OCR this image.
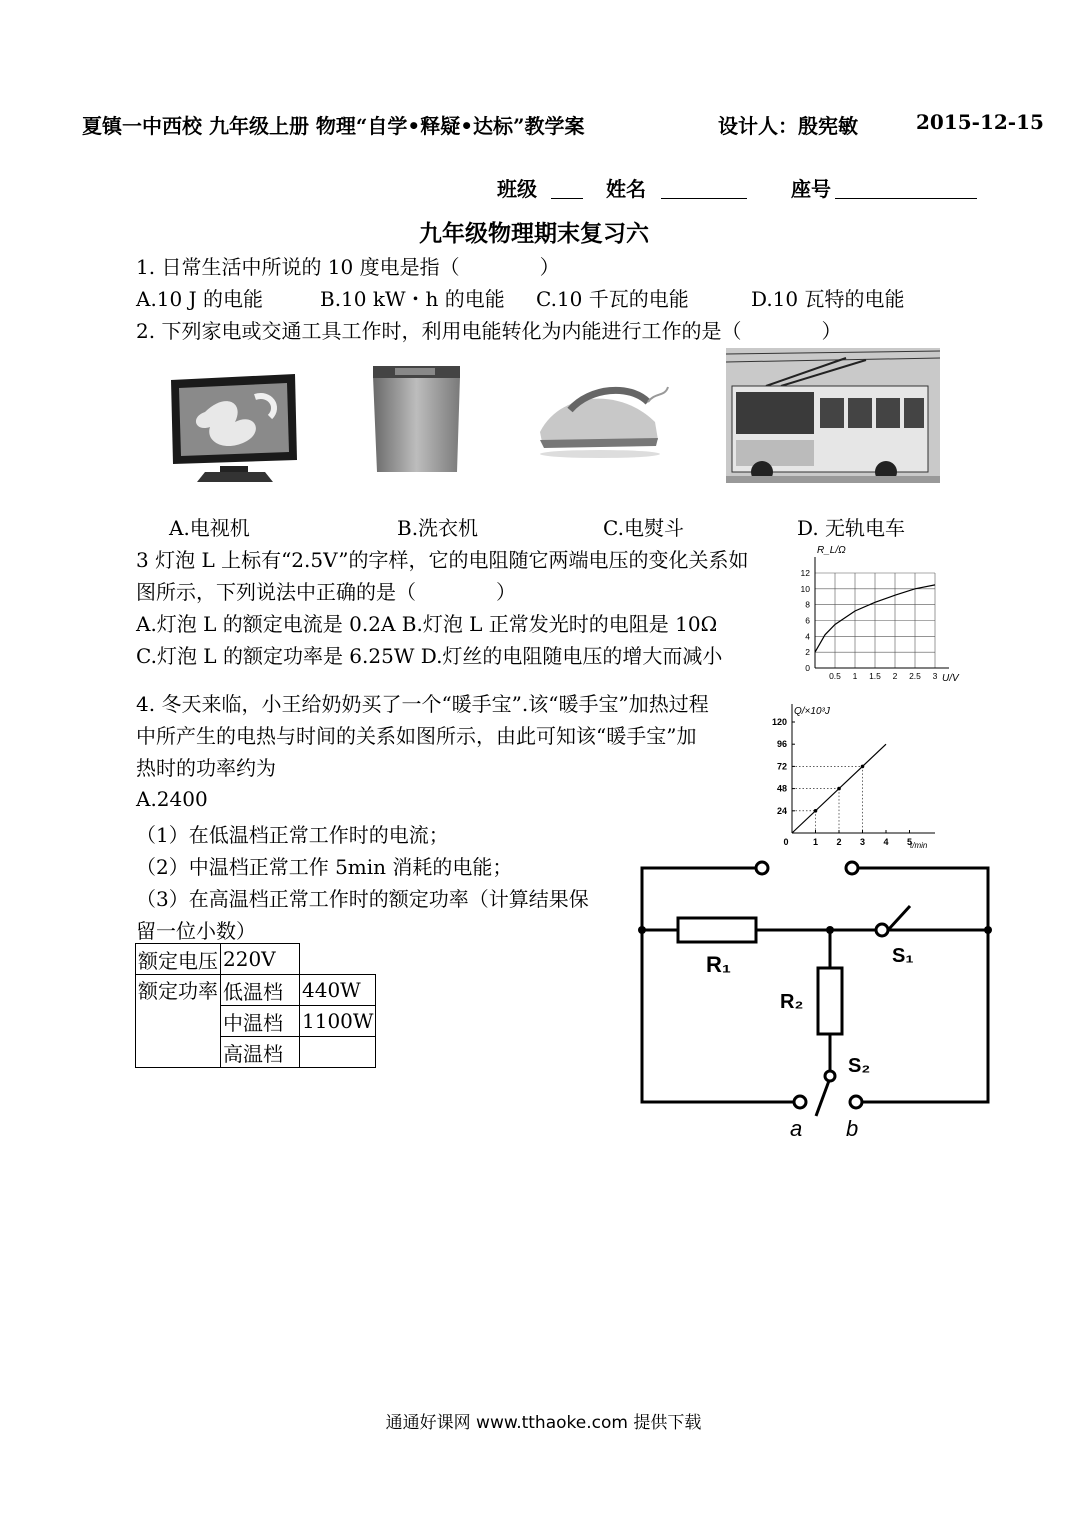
夏镇一中西校 九年级上册 物理“自学•释疑•达标”教学案	设计人：殷宪敏	2015-12-15
班级	姓名	座号
九年级物理期末复习六
1. 日常生活中所说的 10 度电是指（　　　　）
A.10 J 的电能	B.10 kW・h 的电能 C.10 千瓦的电能	D.10 瓦特的电能
2. 下列家电或交通工具工作时，利用电能转化为内能进行工作的是（　　　　）
A.电视机	B.洗衣机	C.电熨斗	D. 无轨电车
3 灯泡 L 上标有“2.5V”的字样，它的电阻随它两端电压的变化关系如
图所示，下列说法中正确的是（　　　　）
A.灯泡 L 的额定电流是 0.2A B.灯泡 L 正常发光时的电阻是 10Ω
C.灯泡 L 的额定功率是 6.25W D.灯丝的电阻随电压的增大而减小
0.5 1 1.5 2 2.5 3
0
2
4
6
8
10
12
R_L/Ω
U/V
4. 冬天来临，小王给奶奶买了一个“暖手宝”.该“暖手宝”加热过程
中所产生的电热与时间的关系如图所示，由此可知该“暖手宝”加
热时的功率约为
A.2400
0	1 2 3 4 5
24
48
72
96
120
Q/×10³J
t/min
（1）在低温档正常工作时的电流；
（2）中温档正常工作 5min 消耗的电能；
（3）在高温档正常工作时的额定功率（计算结果保
留一位小数）
额定电压	220V	
额定功率	低温档	440W
	中温档	1100W
	高温档	
R₁
R₂
S₁
S₂
a b
通通好课网 www.tthaoke.com 提供下载
